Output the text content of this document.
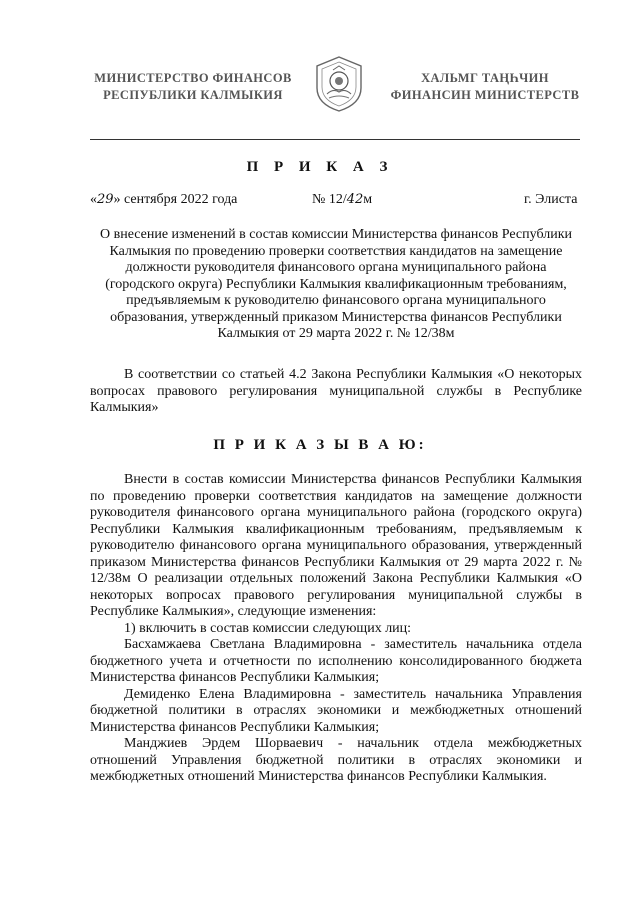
МИНИСТЕРСТВО ФИНАНСОВ
РЕСПУБЛИКИ КАЛМЫКИЯ
ХАЛЬМГ ТАҢҺЧИН
ФИНАНСИН МИНИСТЕРСТВ
П Р И К А З
«29» сентября 2022 года	№ 12/42м	г. Элиста

О внесение изменений в состав комиссии Министерства финансов Республики Калмыкия по проведению проверки соответствия кандидатов на замещение должности руководителя финансового органа муниципального района (городского округа) Республики Калмыкия квалификационным требованиям, предъявляемым к руководителю финансового органа муниципального образования, утвержденный приказом Министерства финансов Республики Калмыкия от 29 марта 2022 г. № 12/38м

В соответствии со статьей 4.2 Закона Республики Калмыкия «О некоторых вопросах правового регулирования муниципальной службы в Республике Калмыкия»

П Р И К А З Ы В А Ю:

Внести в состав комиссии Министерства финансов Республики Калмыкия по проведению проверки соответствия кандидатов на замещение должности руководителя финансового органа муниципального района (городского округа) Республики Калмыкия квалификационным требованиям, предъявляемым к руководителю финансового органа муниципального образования, утвержденный приказом Министерства финансов Республики Калмыкия от 29 марта 2022 г. № 12/38м О реализации отдельных положений Закона Республики Калмыкия «О некоторых вопросах правового регулирования муниципальной службы в Республике Калмыкия», следующие изменения:

1) включить в состав комиссии следующих лиц:

Басхамжаева Светлана Владимировна - заместитель начальника отдела бюджетного учета и отчетности по исполнению консолидированного бюджета Министерства финансов Республики Калмыкия;

Демиденко Елена Владимировна - заместитель начальника Управления бюджетной политики в отраслях экономики и межбюджетных отношений Министерства финансов Республики Калмыкия;

Манджиев Эрдем Шорваевич - начальник отдела межбюджетных отношений Управления бюджетной политики в отраслях экономики и межбюджетных отношений Министерства финансов Республики Калмыкия.
